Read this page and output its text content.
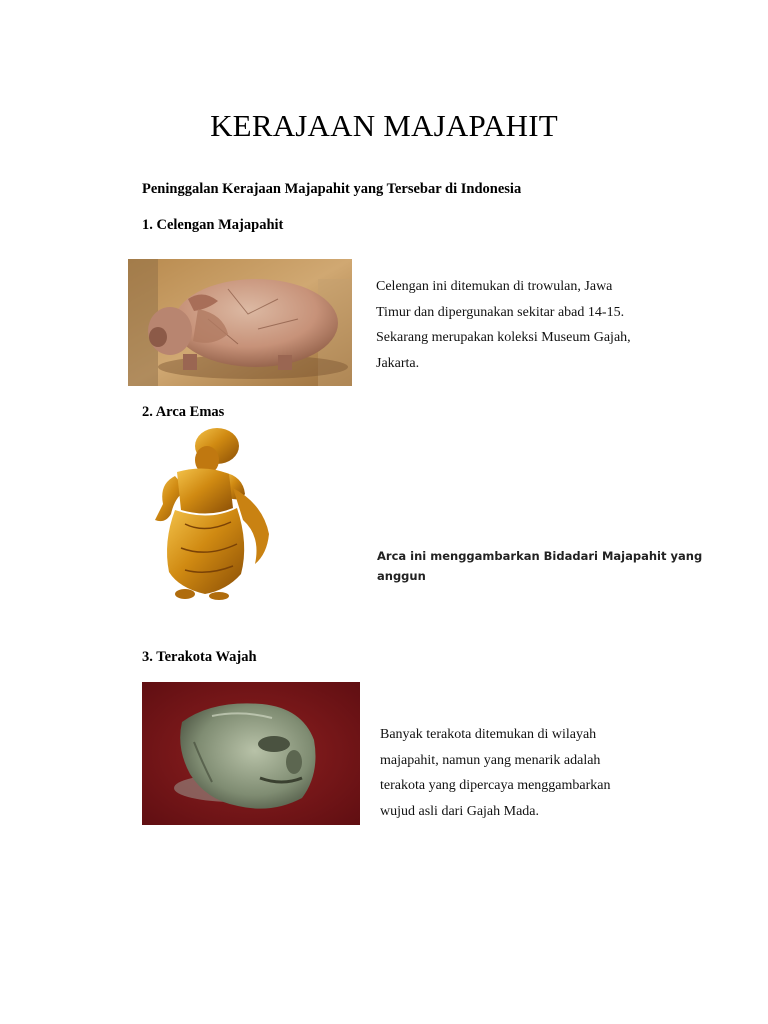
KERAJAAN MAJAPAHIT
Peninggalan Kerajaan Majapahit yang Tersebar di Indonesia
1. Celengan Majapahit
Celengan ini ditemukan di trowulan, Jawa
Timur dan dipergunakan sekitar abad 14-15.
Sekarang merupakan koleksi Museum Gajah,
Jakarta.
2. Arca Emas
Arca ini menggambarkan Bidadari Majapahit yang
anggun
3. Terakota Wajah
Banyak terakota ditemukan di wilayah
majapahit, namun yang menarik adalah
terakota yang dipercaya menggambarkan
wujud asli dari Gajah Mada.
